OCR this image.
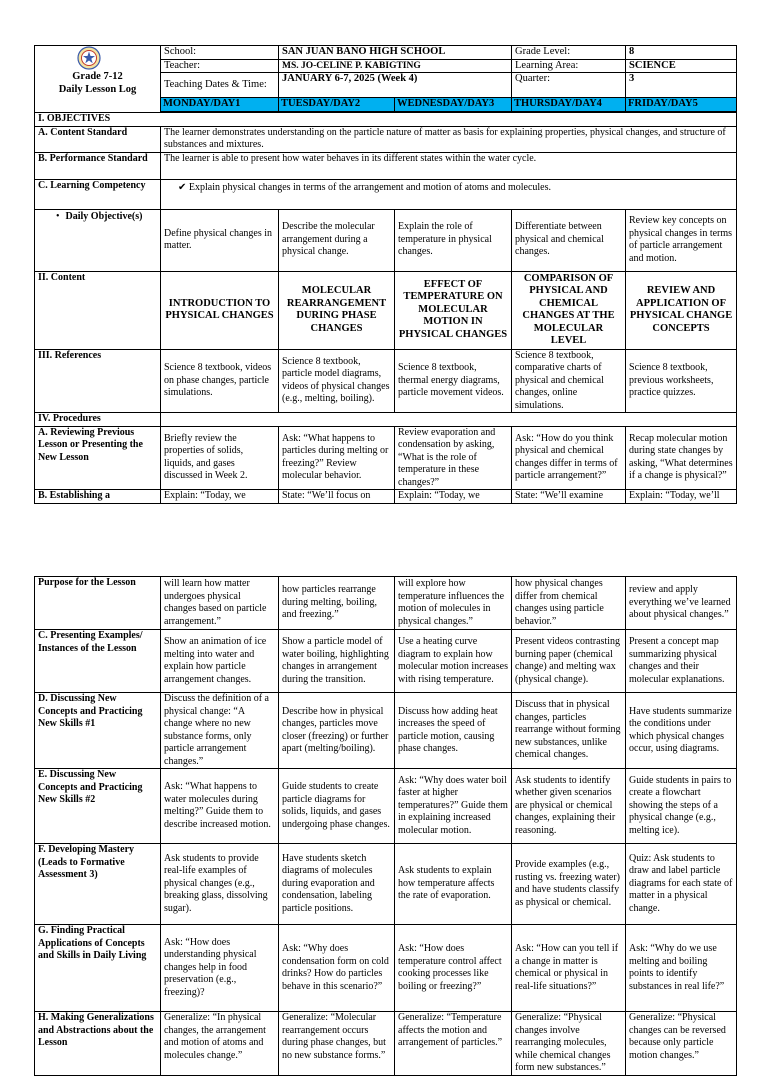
Grade 7-12
Daily Lesson Log	School:	SAN JUAN BANO HIGH SCHOOL		Grade Level:	8
	Teacher:	MS. JO-CELINE P. KABIGTING		Learning Area:	SCIENCE
	Teaching Dates & Time:	JANUARY 6-7, 2025 (Week 4)		Quarter:	3
	MONDAY/DAY1	TUESDAY/DAY2	WEDNESDAY/DAY3	THURSDAY/DAY4	FRIDAY/DAY5

I. OBJECTIVES					
A. Content Standard	The learner demonstrates understanding on the particle nature of matter as basis for explaining properties, physical changes, and structure of substances and mixtures.				
B. Performance Standard	The learner is able to present how water behaves in its different states within the water cycle.				
C. Learning Competency	✔ Explain physical changes in terms of the arrangement and motion of atoms and molecules.				

• Daily Objective(s)	Define physical changes in matter.	Describe the molecular arrangement during a physical change.	Explain the role of temperature in physical changes.	Differentiate between physical and chemical changes.	Review key concepts on physical changes in terms of particle arrangement and motion.
II. Content	INTRODUCTION TO PHYSICAL CHANGES	MOLECULAR REARRANGEMENT DURING PHASE CHANGES	EFFECT OF TEMPERATURE ON MOLECULAR MOTION IN PHYSICAL CHANGES	COMPARISON OF PHYSICAL AND CHEMICAL CHANGES AT THE MOLECULAR LEVEL	REVIEW AND APPLICATION OF PHYSICAL CHANGE CONCEPTS
III. References	Science 8 textbook, videos on phase changes, particle simulations.	Science 8 textbook, particle model diagrams, videos of physical changes (e.g., melting, boiling).	Science 8 textbook, thermal energy diagrams, particle movement videos.	Science 8 textbook, comparative charts of physical and chemical changes, online simulations.	Science 8 textbook, previous worksheets, practice quizzes.
IV. Procedures					
A. Reviewing Previous Lesson or Presenting the New Lesson	Briefly review the properties of solids, liquids, and gases discussed in Week 2.	Ask: “What happens to particles during melting or freezing?” Review molecular behavior.	Review evaporation and condensation by asking, “What is the role of temperature in these changes?”	Ask: “How do you think physical and chemical changes differ in terms of particle arrangement?”	Recap molecular motion during state changes by asking, “What determines if a change is physical?”
B. Establishing a	Explain: “Today, we	State: “We’ll focus on	Explain: “Today, we	State: “We’ll examine	Explain: “Today, we’ll
Purpose for the Lesson	will learn how matter undergoes physical changes based on particle arrangement.”	how particles rearrange during melting, boiling, and freezing.”	will explore how temperature influences the motion of molecules in physical changes.”	how physical changes differ from chemical changes using particle behavior.”	review and apply everything we’ve learned about physical changes.”
C. Presenting Examples/ Instances of the Lesson	Show an animation of ice melting into water and explain how particle arrangement changes.	Show a particle model of water boiling, highlighting changes in arrangement during the transition.	Use a heating curve diagram to explain how molecular motion increases with rising temperature.	Present videos contrasting burning paper (chemical change) and melting wax (physical change).	Present a concept map summarizing physical changes and their molecular explanations.
D. Discussing New Concepts and Practicing New Skills #1	Discuss the definition of a physical change: “A change where no new substance forms, only particle arrangement changes.”	Describe how in physical changes, particles move closer (freezing) or further apart (melting/boiling).	Discuss how adding heat increases the speed of particle motion, causing phase changes.	Discuss that in physical changes, particles rearrange without forming new substances, unlike chemical changes.	Have students summarize the conditions under which physical changes occur, using diagrams.
E. Discussing New Concepts and Practicing New Skills #2	Ask: “What happens to water molecules during melting?” Guide them to describe increased motion.	Guide students to create particle diagrams for solids, liquids, and gases undergoing phase changes.	Ask: “Why does water boil faster at higher temperatures?” Guide them in explaining increased molecular motion.	Ask students to identify whether given scenarios are physical or chemical changes, explaining their reasoning.	Guide students in pairs to create a flowchart showing the steps of a physical change (e.g., melting ice).
F. Developing Mastery (Leads to Formative Assessment 3)	Ask students to provide real-life examples of physical changes (e.g., breaking glass, dissolving sugar).	Have students sketch diagrams of molecules during evaporation and condensation, labeling particle positions.	Ask students to explain how temperature affects the rate of evaporation.	Provide examples (e.g., rusting vs. freezing water) and have students classify as physical or chemical.	Quiz: Ask students to draw and label particle diagrams for each state of matter in a physical change.
G. Finding Practical Applications of Concepts and Skills in Daily Living	Ask: “How does understanding physical changes help in food preservation (e.g., freezing)?	Ask: “Why does condensation form on cold drinks? How do particles behave in this scenario?”	Ask: “How does temperature control affect cooking processes like boiling or freezing?”	Ask: “How can you tell if a change in matter is chemical or physical in real-life situations?”	Ask: “Why do we use melting and boiling points to identify substances in real life?”
H. Making Generalizations and Abstractions about the Lesson	Generalize: “In physical changes, the arrangement and motion of atoms and molecules change.”	Generalize: “Molecular rearrangement occurs during phase changes, but no new substance forms.”	Generalize: “Temperature affects the motion and arrangement of particles.”	Generalize: “Physical changes involve rearranging molecules, while chemical changes form new substances.”	Generalize: “Physical changes can be reversed because only particle motion changes.”
